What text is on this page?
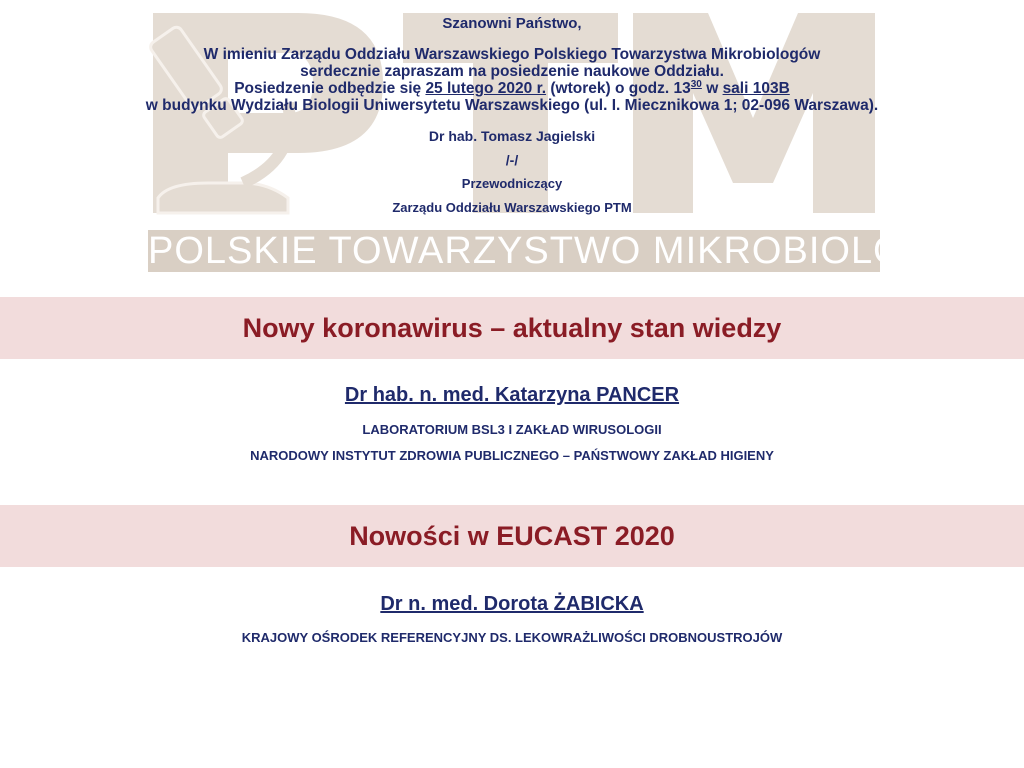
POLSKIE TOWARZYSTWO MIKROBIOLOGÓW
Szanowni Państwo,
W imieniu Zarządu Oddziału Warszawskiego Polskiego Towarzystwa Mikrobiologów
serdecznie zapraszam na posiedzenie naukowe Oddziału.
Posiedzenie odbędzie się 25 lutego 2020 r. (wtorek) o godz. $13^{30}$ w sali 103B
w budynku Wydziału Biologii Uniwersytetu Warszawskiego (ul. I. Miecznikowa 1; 02-096 Warszawa).
Dr hab. Tomasz Jagielski
/-/
Przewodniczący
Zarządu Oddziału Warszawskiego PTM
Nowy koronawirus – aktualny stan wiedzy
Dr hab. n. med. Katarzyna PANCER
LABORATORIUM BSL3 I ZAKŁAD WIRUSOLOGII
NARODOWY INSTYTUT ZDROWIA PUBLICZNEGO – PAŃSTWOWY ZAKŁAD HIGIENY
Nowości w EUCAST 2020
Dr n. med. Dorota ŻABICKA
KRAJOWY OŚRODEK REFERENCYJNY DS. LEKOWRAŻLIWOŚCI DROBNOUSTROJÓW
